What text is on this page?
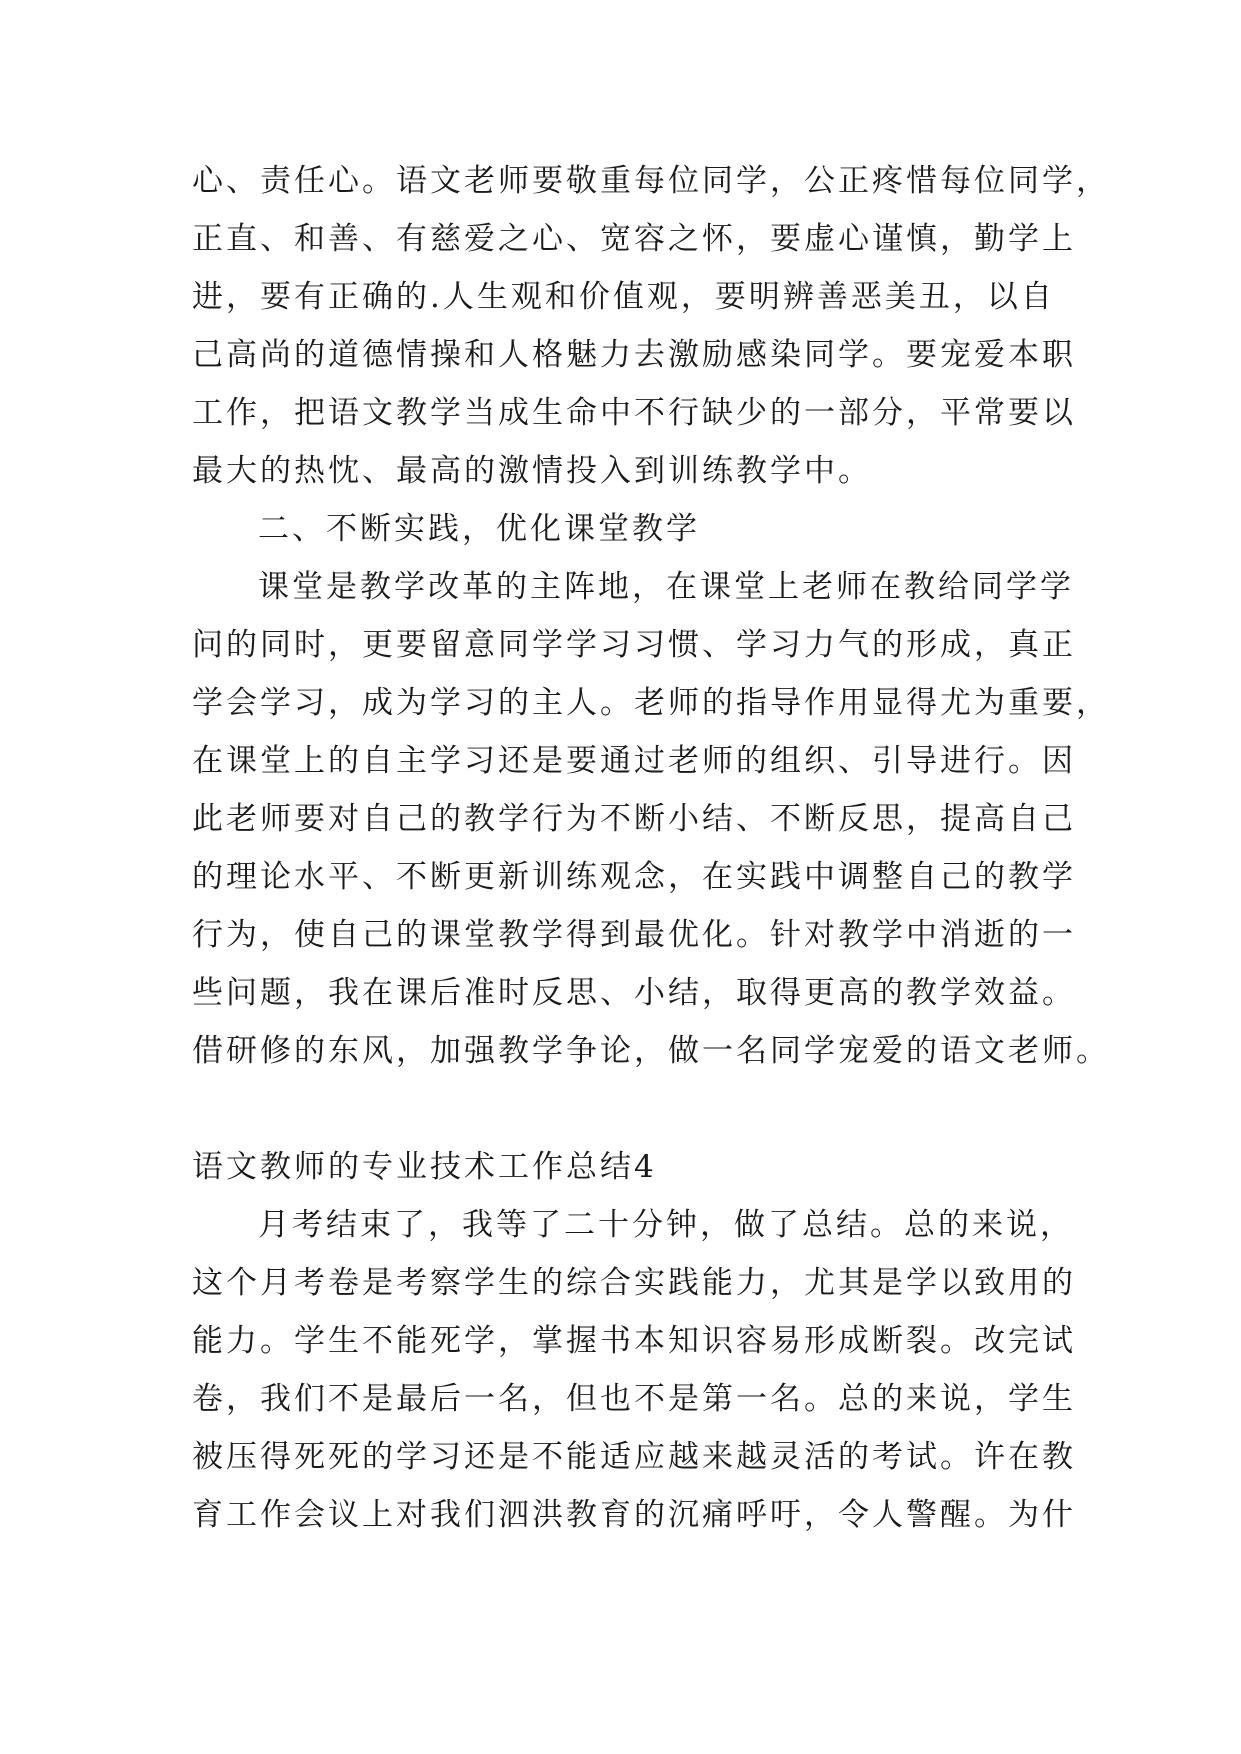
心、责任心。语文老师要敬重每位同学，公正疼惜每位同学，
正直、和善、有慈爱之心、宽容之怀，要虚心谨慎，勤学上
进，要有正确的.人生观和价值观，要明辨善恶美丑，以自
己高尚的道德情操和人格魅力去激励感染同学。要宠爱本职
工作，把语文教学当成生命中不行缺少的一部分，平常要以
最大的热忱、最高的激情投入到训练教学中。
二、不断实践，优化课堂教学
课堂是教学改革的主阵地，在课堂上老师在教给同学学
问的同时，更要留意同学学习习惯、学习力气的形成，真正
学会学习，成为学习的主人。老师的指导作用显得尤为重要，
在课堂上的自主学习还是要通过老师的组织、引导进行。因
此老师要对自己的教学行为不断小结、不断反思，提高自己
的理论水平、不断更新训练观念，在实践中调整自己的教学
行为，使自己的课堂教学得到最优化。针对教学中消逝的一
些问题，我在课后准时反思、小结，取得更高的教学效益。
借研修的东风，加强教学争论，做一名同学宠爱的语文老师。
语文教师的专业技术工作总结4
月考结束了，我等了二十分钟，做了总结。总的来说，
这个月考卷是考察学生的综合实践能力，尤其是学以致用的
能力。学生不能死学，掌握书本知识容易形成断裂。改完试
卷，我们不是最后一名，但也不是第一名。总的来说，学生
被压得死死的学习还是不能适应越来越灵活的考试。许在教
育工作会议上对我们泗洪教育的沉痛呼吁，令人警醒。为什
